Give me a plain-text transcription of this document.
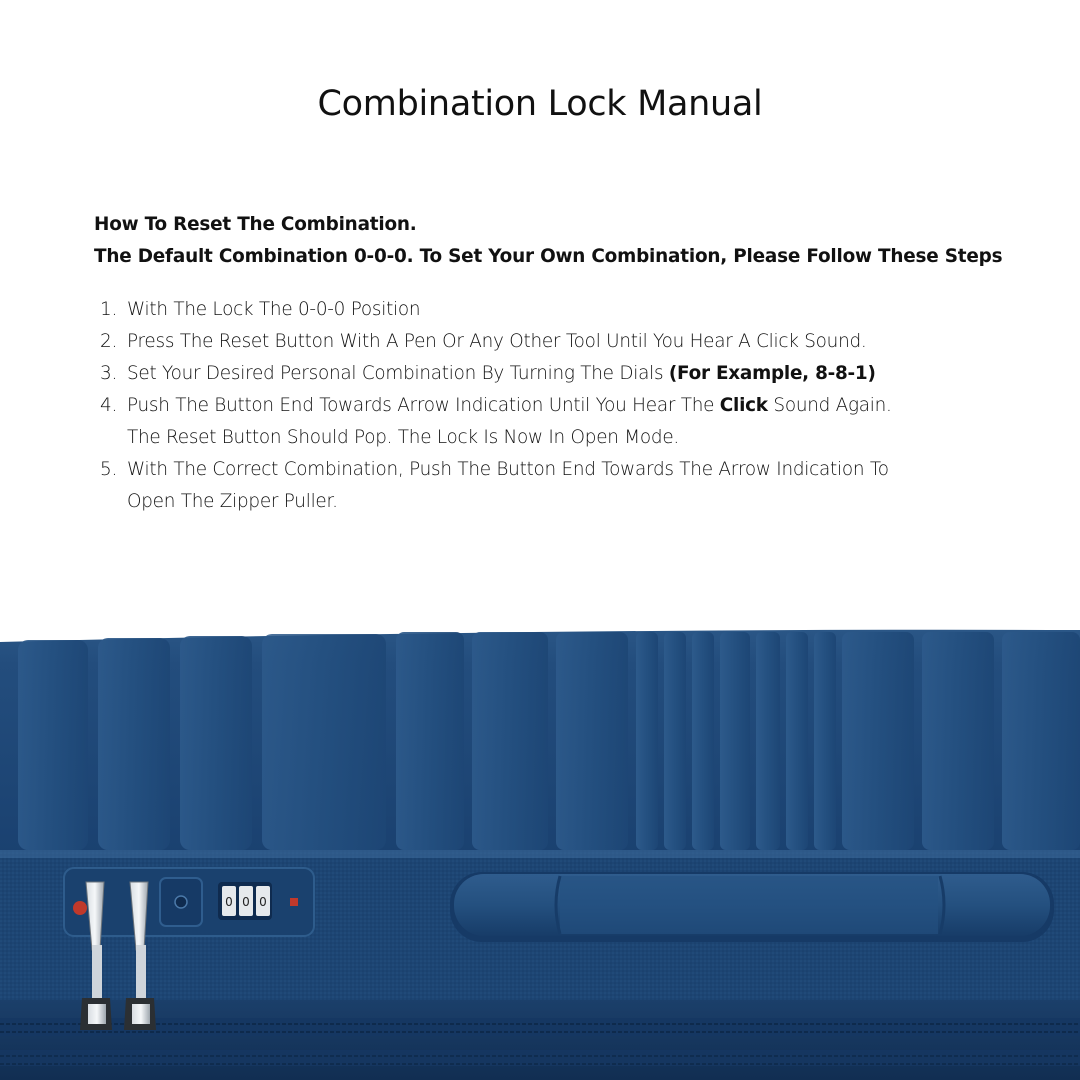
Combination Lock Manual
How To Reset The Combination.
The Default Combination 0-0-0. To Set Your Own Combination, Please Follow These Steps
1. With The Lock The 0-0-0 Position
2. Press The Reset Button With A Pen Or Any Other Tool Until You Hear A Click Sound.
3. Set Your Desired Personal Combination By Turning The Dials (For Example, 8-8-1)
4. Push The Button End Towards Arrow Indication Until You Hear The Click Sound Again.
The Reset Button Should Pop. The Lock Is Now In Open Mode.
5. With The Correct Combination, Push The Button End Towards The Arrow Indication To
Open The Zipper Puller.
0 0 0
